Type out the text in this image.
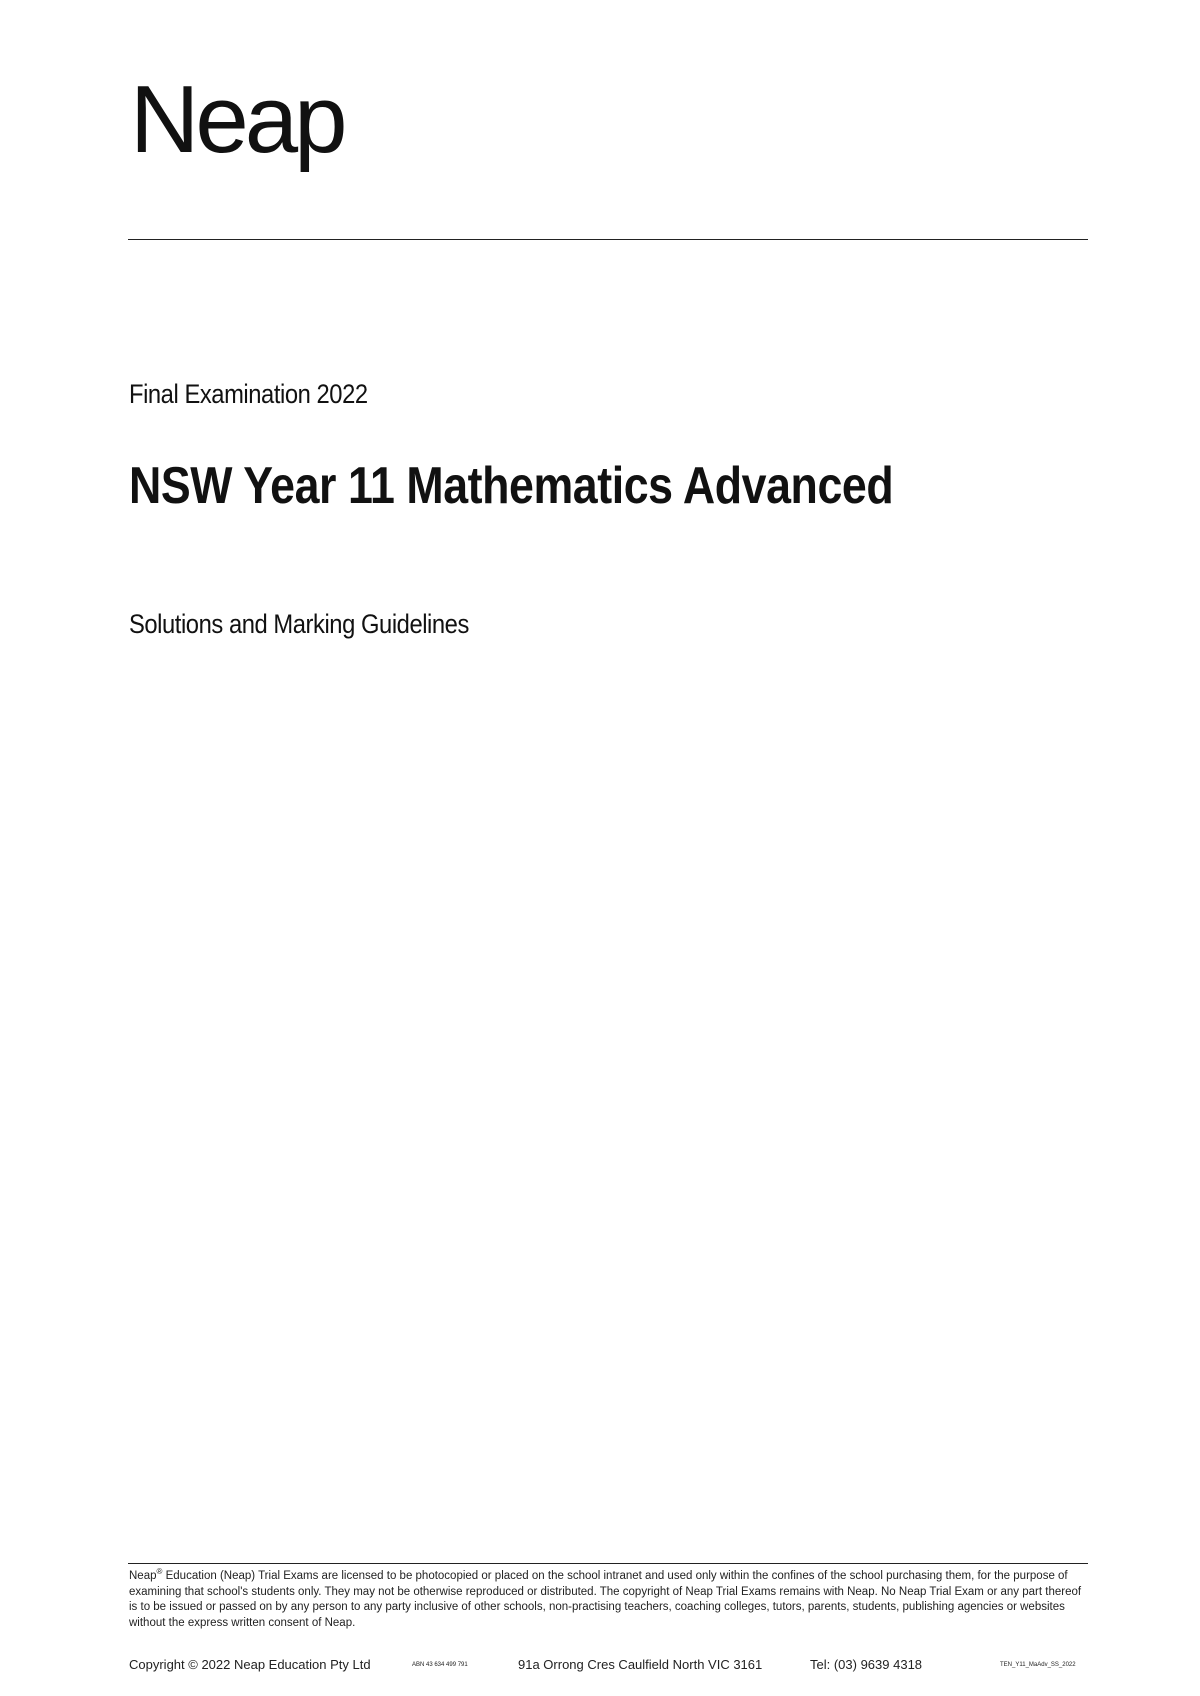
Neap
Final Examination 2022
NSW Year 11 Mathematics Advanced
Solutions and Marking Guidelines
Neap® Education (Neap) Trial Exams are licensed to be photocopied or placed on the school intranet and used only within the confines of the school purchasing them, for the purpose of examining that school's students only. They may not be otherwise reproduced or distributed. The copyright of Neap Trial Exams remains with Neap. No Neap Trial Exam or any part thereof is to be issued or passed on by any person to any party inclusive of other schools, non-practising teachers, coaching colleges, tutors, parents, students, publishing agencies or websites without the express written consent of Neap.
Copyright © 2022 Neap Education Pty Ltd	ABN 43 634 499 791	91a Orrong Cres Caulfield North VIC 3161	Tel: (03) 9639 4318	TEN_Y11_MaAdv_SS_2022
